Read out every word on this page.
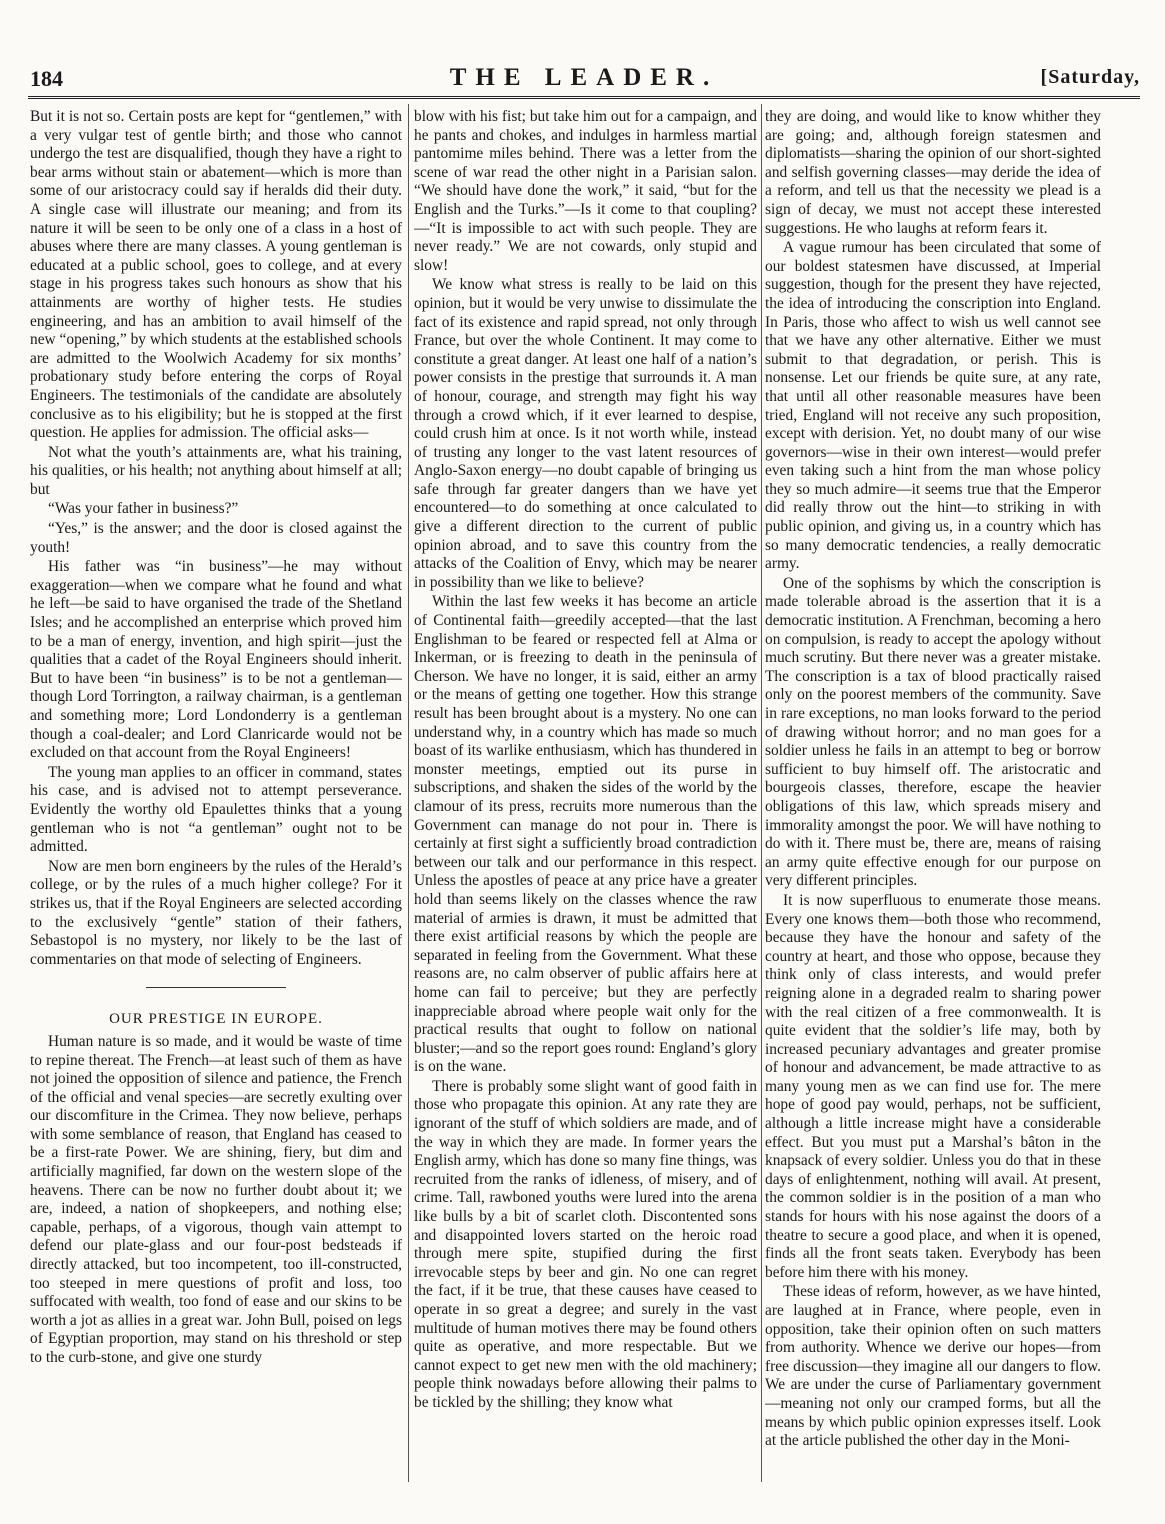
184	THE LEADER.	[Saturday,

But it is not so. Certain posts are kept for “gentlemen,” with a very vulgar test of gentle birth; and those who cannot undergo the test are disqualified, though they have a right to bear arms without stain or abatement—which is more than some of our aristocracy could say if heralds did their duty. A single case will illustrate our meaning; and from its nature it will be seen to be only one of a class in a host of abuses where there are many classes. A young gentleman is educated at a public school, goes to college, and at every stage in his progress takes such honours as show that his attainments are worthy of higher tests. He studies engineering, and has an ambition to avail himself of the new “opening,” by which students at the established schools are admitted to the Woolwich Academy for six months’ probationary study before entering the corps of Royal Engineers. The testimonials of the candidate are absolutely conclusive as to his eligibility; but he is stopped at the first question. He applies for admission. The official asks—

Not what the youth’s attainments are, what his training, his qualities, or his health; not anything about himself at all; but

“Was your father in business?”

“Yes,” is the answer; and the door is closed against the youth!

His father was “in business”—he may without exaggeration—when we compare what he found and what he left—be said to have organised the trade of the Shetland Isles; and he accomplished an enterprise which proved him to be a man of energy, invention, and high spirit—just the qualities that a cadet of the Royal Engineers should inherit. But to have been “in business” is to be not a gentleman—though Lord Torrington, a railway chairman, is a gentleman and something more; Lord Londonderry is a gentleman though a coal-dealer; and Lord Clanricarde would not be excluded on that account from the Royal Engineers!

The young man applies to an officer in command, states his case, and is advised not to attempt perseverance. Evidently the worthy old Epaulettes thinks that a young gentleman who is not “a gentleman” ought not to be admitted.

Now are men born engineers by the rules of the Herald’s college, or by the rules of a much higher college? For it strikes us, that if the Royal Engineers are selected according to the exclusively “gentle” station of their fathers, Sebastopol is no mystery, nor likely to be the last of commentaries on that mode of selecting of Engineers.

OUR PRESTIGE IN EUROPE.

Human nature is so made, and it would be waste of time to repine thereat. The French—at least such of them as have not joined the opposition of silence and patience, the French of the official and venal species—are secretly exulting over our discomfiture in the Crimea. They now believe, perhaps with some semblance of reason, that England has ceased to be a first-rate Power. We are shining, fiery, but dim and artificially magnified, far down on the western slope of the heavens. There can be now no further doubt about it; we are, indeed, a nation of shopkeepers, and nothing else; capable, perhaps, of a vigorous, though vain attempt to defend our plate-glass and our four-post bedsteads if directly attacked, but too incompetent, too ill-constructed, too steeped in mere questions of profit and loss, too suffocated with wealth, too fond of ease and our skins to be worth a jot as allies in a great war. John Bull, poised on legs of Egyptian proportion, may stand on his threshold or step to the curb-stone, and give one sturdy

blow with his fist; but take him out for a campaign, and he pants and chokes, and indulges in harmless martial pantomime miles behind. There was a letter from the scene of war read the other night in a Parisian salon. “We should have done the work,” it said, “but for the English and the Turks.”—Is it come to that coupling?—“It is impossible to act with such people. They are never ready.” We are not cowards, only stupid and slow!

We know what stress is really to be laid on this opinion, but it would be very unwise to dissimulate the fact of its existence and rapid spread, not only through France, but over the whole Continent. It may come to constitute a great danger. At least one half of a nation’s power consists in the prestige that surrounds it. A man of honour, courage, and strength may fight his way through a crowd which, if it ever learned to despise, could crush him at once. Is it not worth while, instead of trusting any longer to the vast latent resources of Anglo-Saxon energy—no doubt capable of bringing us safe through far greater dangers than we have yet encountered—to do something at once calculated to give a different direction to the current of public opinion abroad, and to save this country from the attacks of the Coalition of Envy, which may be nearer in possibility than we like to believe?

Within the last few weeks it has become an article of Continental faith—greedily accepted—that the last Englishman to be feared or respected fell at Alma or Inkerman, or is freezing to death in the peninsula of Cherson. We have no longer, it is said, either an army or the means of getting one together. How this strange result has been brought about is a mystery. No one can understand why, in a country which has made so much boast of its warlike enthusiasm, which has thundered in monster meetings, emptied out its purse in subscriptions, and shaken the sides of the world by the clamour of its press, recruits more numerous than the Government can manage do not pour in. There is certainly at first sight a sufficiently broad contradiction between our talk and our performance in this respect. Unless the apostles of peace at any price have a greater hold than seems likely on the classes whence the raw material of armies is drawn, it must be admitted that there exist artificial reasons by which the people are separated in feeling from the Government. What these reasons are, no calm observer of public affairs here at home can fail to perceive; but they are perfectly inappreciable abroad where people wait only for the practical results that ought to follow on national bluster;—and so the report goes round: England’s glory is on the wane.

There is probably some slight want of good faith in those who propagate this opinion. At any rate they are ignorant of the stuff of which soldiers are made, and of the way in which they are made. In former years the English army, which has done so many fine things, was recruited from the ranks of idleness, of misery, and of crime. Tall, rawboned youths were lured into the arena like bulls by a bit of scarlet cloth. Discontented sons and disappointed lovers started on the heroic road through mere spite, stupified during the first irrevocable steps by beer and gin. No one can regret the fact, if it be true, that these causes have ceased to operate in so great a degree; and surely in the vast multitude of human motives there may be found others quite as operative, and more respectable. But we cannot expect to get new men with the old machinery; people think nowadays before allowing their palms to be tickled by the shilling; they know what

they are doing, and would like to know whither they are going; and, although foreign statesmen and diplomatists—sharing the opinion of our short-sighted and selfish governing classes—may deride the idea of a reform, and tell us that the necessity we plead is a sign of decay, we must not accept these interested suggestions. He who laughs at reform fears it.

A vague rumour has been circulated that some of our boldest statesmen have discussed, at Imperial suggestion, though for the present they have rejected, the idea of introducing the conscription into England. In Paris, those who affect to wish us well cannot see that we have any other alternative. Either we must submit to that degradation, or perish. This is nonsense. Let our friends be quite sure, at any rate, that until all other reasonable measures have been tried, England will not receive any such proposition, except with derision. Yet, no doubt many of our wise governors—wise in their own interest—would prefer even taking such a hint from the man whose policy they so much admire—it seems true that the Emperor did really throw out the hint—to striking in with public opinion, and giving us, in a country which has so many democratic tendencies, a really democratic army.

One of the sophisms by which the conscription is made tolerable abroad is the assertion that it is a democratic institution. A Frenchman, becoming a hero on compulsion, is ready to accept the apology without much scrutiny. But there never was a greater mistake. The conscription is a tax of blood practically raised only on the poorest members of the community. Save in rare exceptions, no man looks forward to the period of drawing without horror; and no man goes for a soldier unless he fails in an attempt to beg or borrow sufficient to buy himself off. The aristocratic and bourgeois classes, therefore, escape the heavier obligations of this law, which spreads misery and immorality amongst the poor. We will have nothing to do with it. There must be, there are, means of raising an army quite effective enough for our purpose on very different principles.

It is now superfluous to enumerate those means. Every one knows them—both those who recommend, because they have the honour and safety of the country at heart, and those who oppose, because they think only of class interests, and would prefer reigning alone in a degraded realm to sharing power with the real citizen of a free commonwealth. It is quite evident that the soldier’s life may, both by increased pecuniary advantages and greater promise of honour and advancement, be made attractive to as many young men as we can find use for. The mere hope of good pay would, perhaps, not be sufficient, although a little increase might have a considerable effect. But you must put a Marshal’s bâton in the knapsack of every soldier. Unless you do that in these days of enlightenment, nothing will avail. At present, the common soldier is in the position of a man who stands for hours with his nose against the doors of a theatre to secure a good place, and when it is opened, finds all the front seats taken. Everybody has been before him there with his money.

These ideas of reform, however, as we have hinted, are laughed at in France, where people, even in opposition, take their opinion often on such matters from authority. Whence we derive our hopes—from free discussion—they imagine all our dangers to flow. We are under the curse of Parliamentary government—meaning not only our cramped forms, but all the means by which public opinion expresses itself. Look at the article published the other day in the Moni-
